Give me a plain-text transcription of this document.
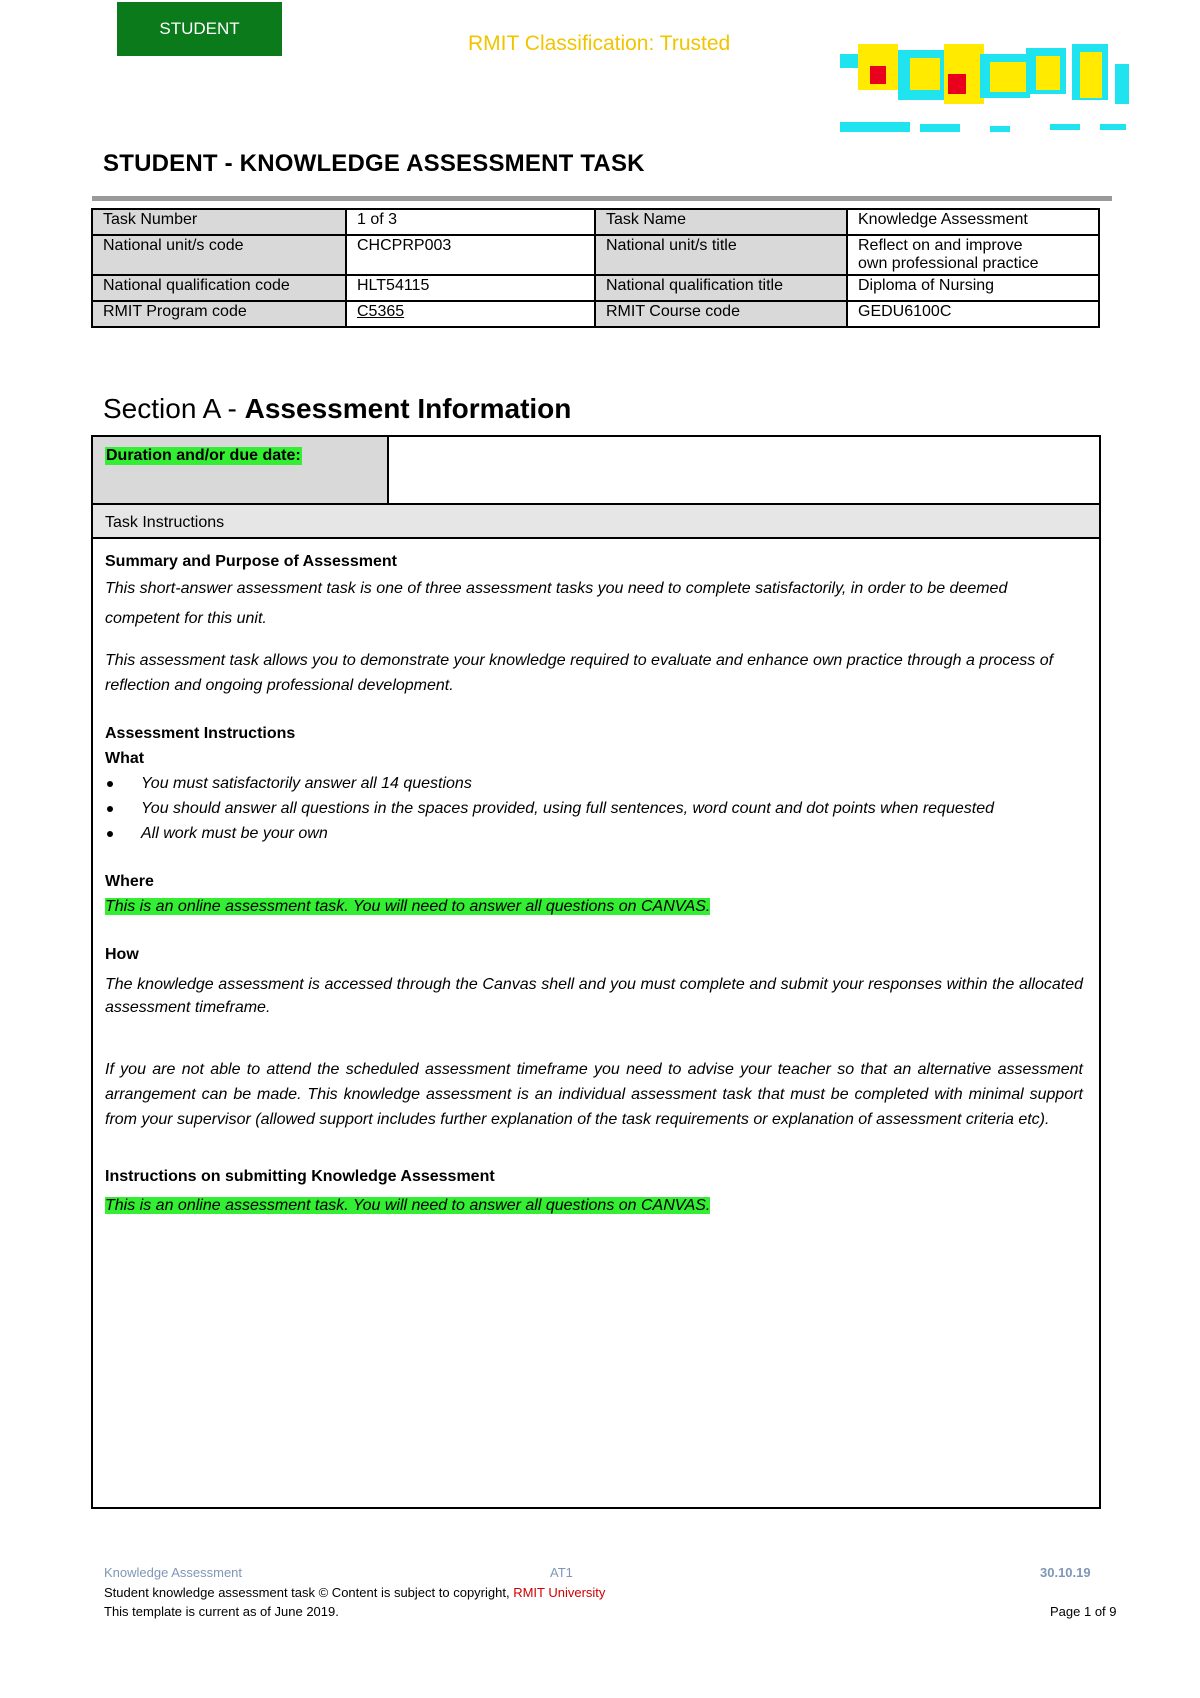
STUDENT
RMIT Classification: Trusted
STUDENT - KNOWLEDGE ASSESSMENT TASK
Task Number	1 of 3	Task Name	Knowledge Assessment
National unit/s code	CHCPRP003	National unit/s title	Reflect on and improve
own professional practice

National qualification code	HLT54115	National qualification title	Diploma of Nursing
RMIT Program code	C5365	RMIT Course code	GEDU6100C
Section A - Assessment Information
Duration and/or due date:
Task Instructions
Summary and Purpose of Assessment
This short-answer assessment task is one of three assessment tasks you need to complete satisfactorily, in order to be deemed competent for this unit.
This assessment task allows you to demonstrate your knowledge required to evaluate and enhance own practice through a process of reflection and ongoing professional development.
Assessment Instructions
What
You must satisfactorily answer all 14 questions
You should answer all questions in the spaces provided, using full sentences, word count and dot points when requested
All work must be your own
Where
This is an online assessment task. You will need to answer all questions on CANVAS.
How
The knowledge assessment is accessed through the Canvas shell and you must complete and submit your responses within the allocated assessment timeframe.
If you are not able to attend the scheduled assessment timeframe you need to advise your teacher so that an alternative assessment arrangement can be made. This knowledge assessment is an individual assessment task that must be completed with minimal support from your supervisor (allowed support includes further explanation of the task requirements or explanation of assessment criteria etc).
Instructions on submitting Knowledge Assessment
This is an online assessment task. You will need to answer all questions on CANVAS.
Knowledge Assessment	AT1	30.10.19
Student knowledge assessment task © Content is subject to copyright, RMIT University
This template is current as of June 2019.	Page 1 of 9
